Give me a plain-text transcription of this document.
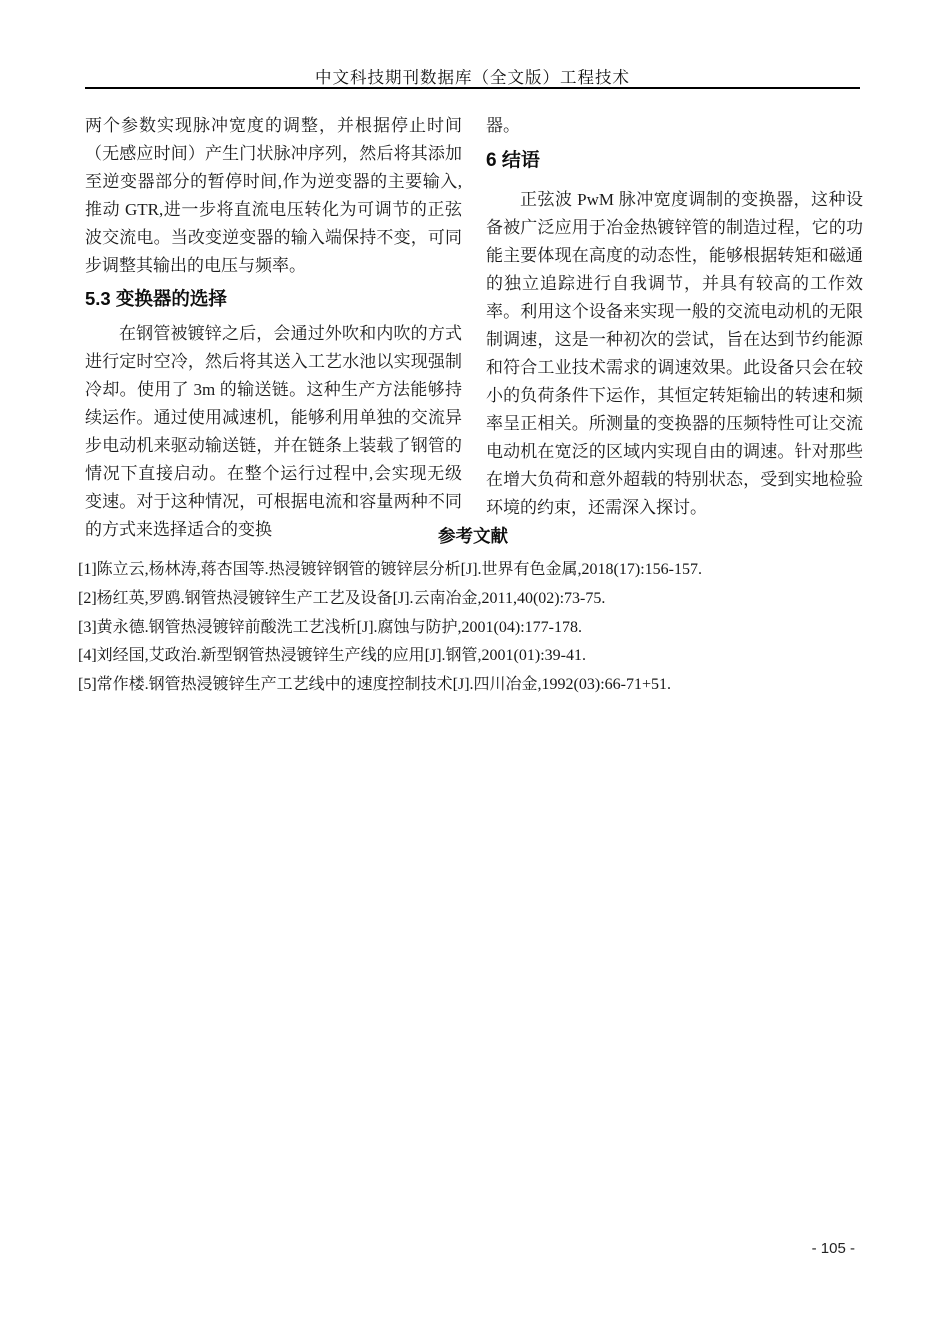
中文科技期刊数据库（全文版）工程技术

两个参数实现脉冲宽度的调整，并根据停止时间（无感应时间）产生门状脉冲序列，然后将其添加至逆变器部分的暂停时间,作为逆变器的主要输入,推动 GTR,进一步将直流电压转化为可调节的正弦波交流电。当改变逆变器的输入端保持不变，可同步调整其输出的电压与频率。

5.3 变换器的选择

在钢管被镀锌之后，会通过外吹和内吹的方式进行定时空冷，然后将其送入工艺水池以实现强制冷却。使用了 3m 的输送链。这种生产方法能够持续运作。通过使用减速机，能够利用单独的交流异步电动机来驱动输送链，并在链条上装载了钢管的情况下直接启动。在整个运行过程中,会实现无级变速。对于这种情况，可根据电流和容量两种不同的方式来选择适合的变换

器。

6 结语

正弦波 PwM 脉冲宽度调制的变换器，这种设备被广泛应用于冶金热镀锌管的制造过程，它的功能主要体现在高度的动态性，能够根据转矩和磁通的独立追踪进行自我调节，并具有较高的工作效率。利用这个设备来实现一般的交流电动机的无限制调速，这是一种初次的尝试，旨在达到节约能源和符合工业技术需求的调速效果。此设备只会在较小的负荷条件下运作，其恒定转矩输出的转速和频率呈正相关。所测量的变换器的压频特性可让交流电动机在宽泛的区域内实现自由的调速。针对那些在增大负荷和意外超载的特别状态，受到实地检验环境的约束，还需深入探讨。

参考文献
[1]陈立云,杨林涛,蒋杏国等.热浸镀锌钢管的镀锌层分析[J].世界有色金属,2018(17):156-157.
[2]杨红英,罗鸥.钢管热浸镀锌生产工艺及设备[J].云南冶金,2011,40(02):73-75.
[3]黄永德.钢管热浸镀锌前酸洗工艺浅析[J].腐蚀与防护,2001(04):177-178.
[4]刘经国,艾政治.新型钢管热浸镀锌生产线的应用[J].钢管,2001(01):39-41.
[5]常作楼.钢管热浸镀锌生产工艺线中的速度控制技术[J].四川冶金,1992(03):66-71+51.
- 105 -
